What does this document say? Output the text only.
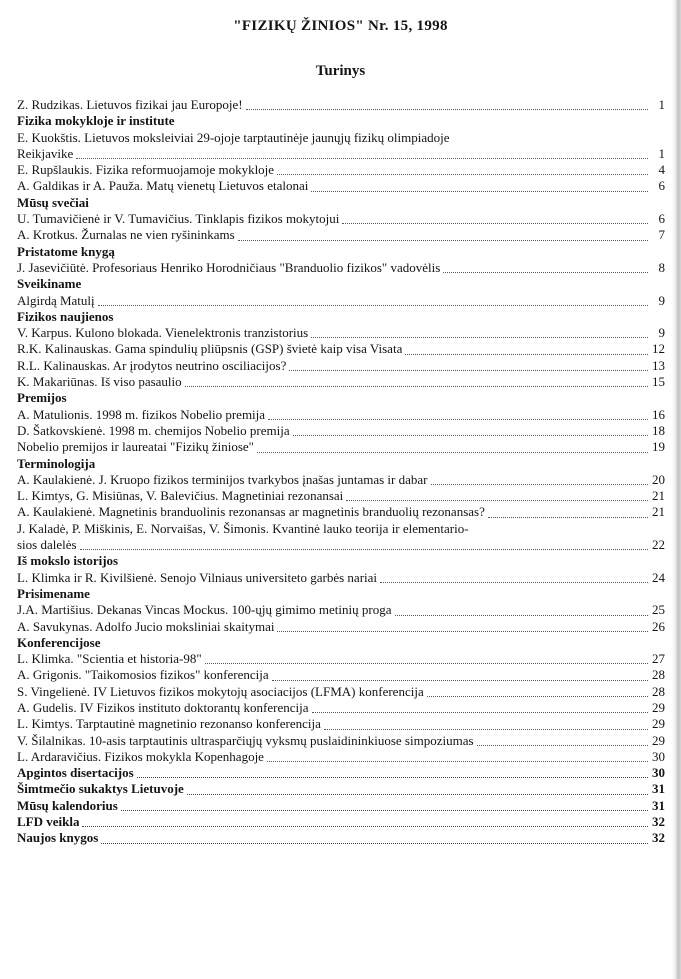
"FIZIKŲ ŽINIOS" Nr. 15, 1998
Turinys
Z. Rudzikas. Lietuvos fizikai jau Europoje!	1
Fizika mokykloje ir institute
E. Kuokštis. Lietuvos moksleiviai 29-ojoje tarptautinėje jaunųjų fizikų olimpiadoje
Reikjavike	1
E. Rupšlaukis. Fizika reformuojamoje mokykloje	4
A. Galdikas ir A. Pauža. Matų vienetų Lietuvos etalonai	6
Mūsų svečiai
U. Tumavičienė ir V. Tumavičius. Tinklapis fizikos mokytojui	6
A. Krotkus. Žurnalas ne vien ryšininkams	7
Pristatome knygą
J. Jasevičiūtė. Profesoriaus Henriko Horodničiaus "Branduolio fizikos" vadovėlis	8
Sveikiname
Algirdą Matulį	9
Fizikos naujienos
V. Karpus. Kulono blokada. Vienelektronis tranzistorius	9
R.K. Kalinauskas. Gama spindulių pliūpsnis (GSP) švietė kaip visa Visata	12
R.L. Kalinauskas. Ar įrodytos neutrino osciliacijos?	13
K. Makariūnas. Iš viso pasaulio	15
Premijos
A. Matulionis. 1998 m. fizikos Nobelio premija	16
D. Šatkovskienė. 1998 m. chemijos Nobelio premija	18
Nobelio premijos ir laureatai "Fizikų žiniose"	19
Terminologija
A. Kaulakienė. J. Kruopo fizikos terminijos tvarkybos įnašas juntamas ir dabar	20
L. Kimtys, G. Misiūnas, V. Balevičius. Magnetiniai rezonansai	21
A. Kaulakienė. Magnetinis branduolinis rezonansas ar magnetinis branduolių rezonansas?	21
J. Kaladė, P. Miškinis, E. Norvaišas, V. Šimonis. Kvantinė lauko teorija ir elementario-
sios dalelės	22
Iš mokslo istorijos
L. Klimka ir R. Kivilšienė. Senojo Vilniaus universiteto garbės nariai	24
Prisimename
J.A. Martišius. Dekanas Vincas Mockus. 100-ųjų gimimo metinių proga	25
A. Savukynas. Adolfo Jucio moksliniai skaitymai	26
Konferencijose
L. Klimka. "Scientia et historia-98"	27
A. Grigonis. "Taikomosios fizikos" konferencija	28
S. Vingelienė. IV Lietuvos fizikos mokytojų asociacijos (LFMA) konferencija	28
A. Gudelis. IV Fizikos instituto doktorantų konferencija	29
L. Kimtys. Tarptautinė magnetinio rezonanso konferencija	29
V. Šilalnikas. 10-asis tarptautinis ultrasparčiųjų vyksmų puslaidininkiuose simpoziumas	29
L. Ardaravičius. Fizikos mokykla Kopenhagoje	30
Apgintos disertacijos	30
Šimtmečio sukaktys Lietuvoje	31
Mūsų kalendorius	31
LFD veikla	32
Naujos knygos	32
